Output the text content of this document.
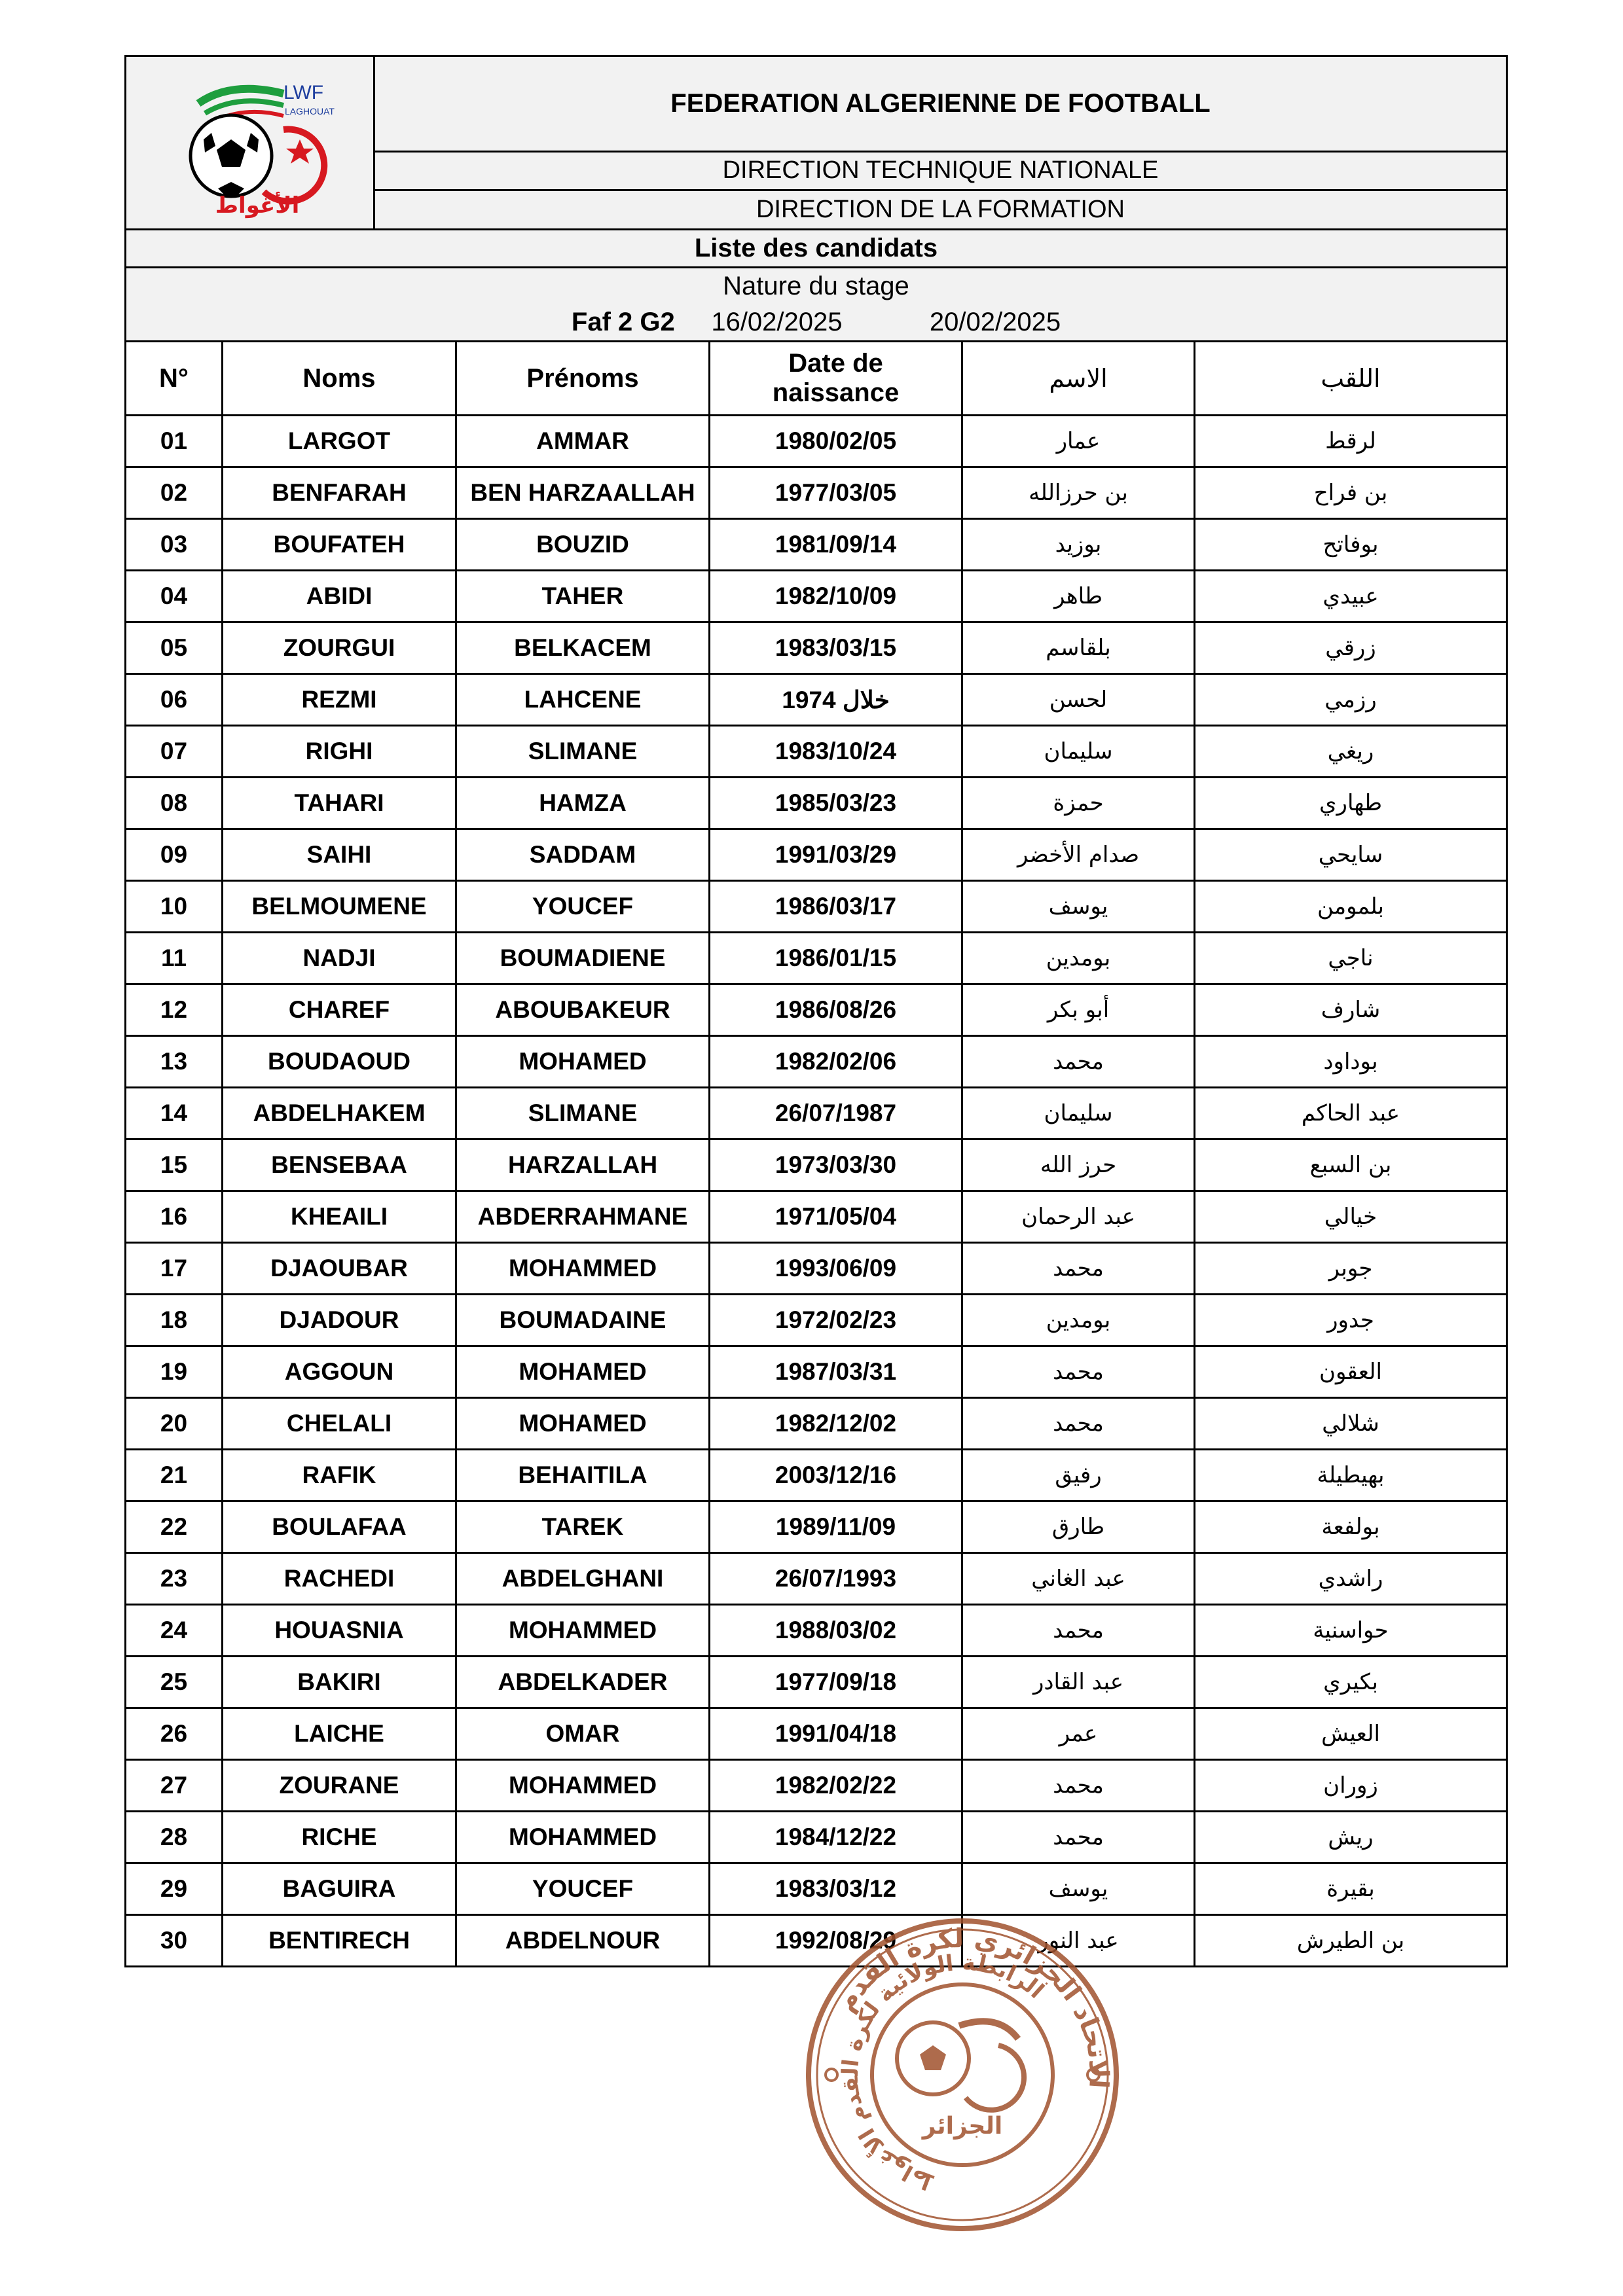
LWF
LAGHOUAT
الأغواط
	FEDERATION ALGERIENNE DE FOOTBALL
DIRECTION TECHNIQUE NATIONALE
DIRECTION DE LA FORMATION
Liste des candidats

Nature du stage
Faf 2 G2 16/02/2025	20/02/2025
N°	Noms	Prénoms	Date de naissance	الاسم	اللقب
01	LARGOT	AMMAR	1980/02/05	عمار	لرقط
02	BENFARAH	BEN HARZAALLAH	1977/03/05	بن حرزالله	بن فراح
03	BOUFATEH	BOUZID	1981/09/14	بوزيد	بوفاتح
04	ABIDI	TAHER	1982/10/09	طاهر	عبيدي
05	ZOURGUI	BELKACEM	1983/03/15	بلقاسم	زرقي
06	REZMI	LAHCENE	1974 خلال	لحسن	رزمي
07	RIGHI	SLIMANE	1983/10/24	سليمان	ريغي
08	TAHARI	HAMZA	1985/03/23	حمزة	طهاري
09	SAIHI	SADDAM	1991/03/29	صدام الأخضر	سايحي
10	BELMOUMENE	YOUCEF	1986/03/17	يوسف	بلمومن
11	NADJI	BOUMADIENE	1986/01/15	بومدين	ناجي
12	CHAREF	ABOUBAKEUR	1986/08/26	أبو بكر	شارف
13	BOUDAOUD	MOHAMED	1982/02/06	محمد	بوداود
14	ABDELHAKEM	SLIMANE	26/07/1987	سليمان	عبد الحاكم
15	BENSEBAA	HARZALLAH	1973/03/30	حرز الله	بن السبع
16	KHEAILI	ABDERRAHMANE	1971/05/04	عبد الرحمان	خيالي
17	DJAOUBAR	MOHAMMED	1993/06/09	محمد	جوبر
18	DJADOUR	BOUMADAINE	1972/02/23	بومدين	جدور
19	AGGOUN	MOHAMED	1987/03/31	محمد	العقون
20	CHELALI	MOHAMED	1982/12/02	محمد	شلالي
21	RAFIK	BEHAITILA	2003/12/16	رفيق	بهيطيلة
22	BOULAFAA	TAREK	1989/11/09	طارق	بولفعة
23	RACHEDI	ABDELGHANI	26/07/1993	عبد الغاني	راشدي
24	HOUASNIA	MOHAMMED	1988/03/02	محمد	حواسنية
25	BAKIRI	ABDELKADER	1977/09/18	عبد القادر	بكيري
26	LAICHE	OMAR	1991/04/18	عمر	العيش
27	ZOURANE	MOHAMMED	1982/02/22	محمد	زوران
28	RICHE	MOHAMMED	1984/12/22	محمد	ريش
29	BAGUIRA	YOUCEF	1983/03/12	يوسف	بقيرة
30	BENTIRECH	ABDELNOUR	1992/08/29	عبد النور	بن الطيرش
الاتحاد الجزائري لكرة القدم
الرابطة الولائية لكرة القدم الأغواط
الجزائر
